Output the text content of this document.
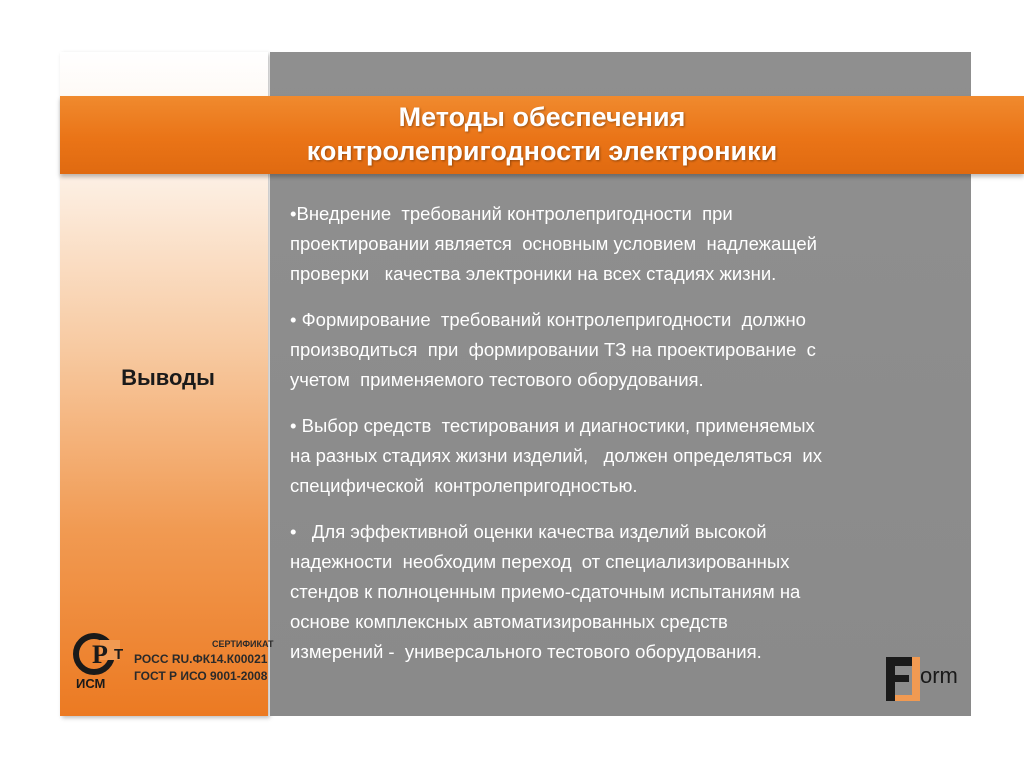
Методы обеспечения
контролепригодности электроники
Выводы
•Внедрение  требований контролепригодности  при
проектировании является  основным условием  надлежащей
проверки   качества электроники на всех стадиях жизни.
• Формирование  требований контролепригодности  должно
производиться  при  формировании ТЗ на проектирование  с
учетом  применяемого тестового оборудования.
• Выбор средств  тестирования и диагностики, применяемых
на разных стадиях жизни изделий,   должен определяться  их
специфической  контролепригодностью.
•   Для эффективной оценки качества изделий высокой
надежности  необходим переход  от специализированных
стендов к полноценным приемо-сдаточным испытаниям на
основе комплексных автоматизированных средств
измерений -  универсального тестового оборудования.
Р Т
ИСМ
СЕРТИФИКАТ
РОСС RU.ФК14.К00021
ГОСТ Р ИСО 9001-2008	orm
